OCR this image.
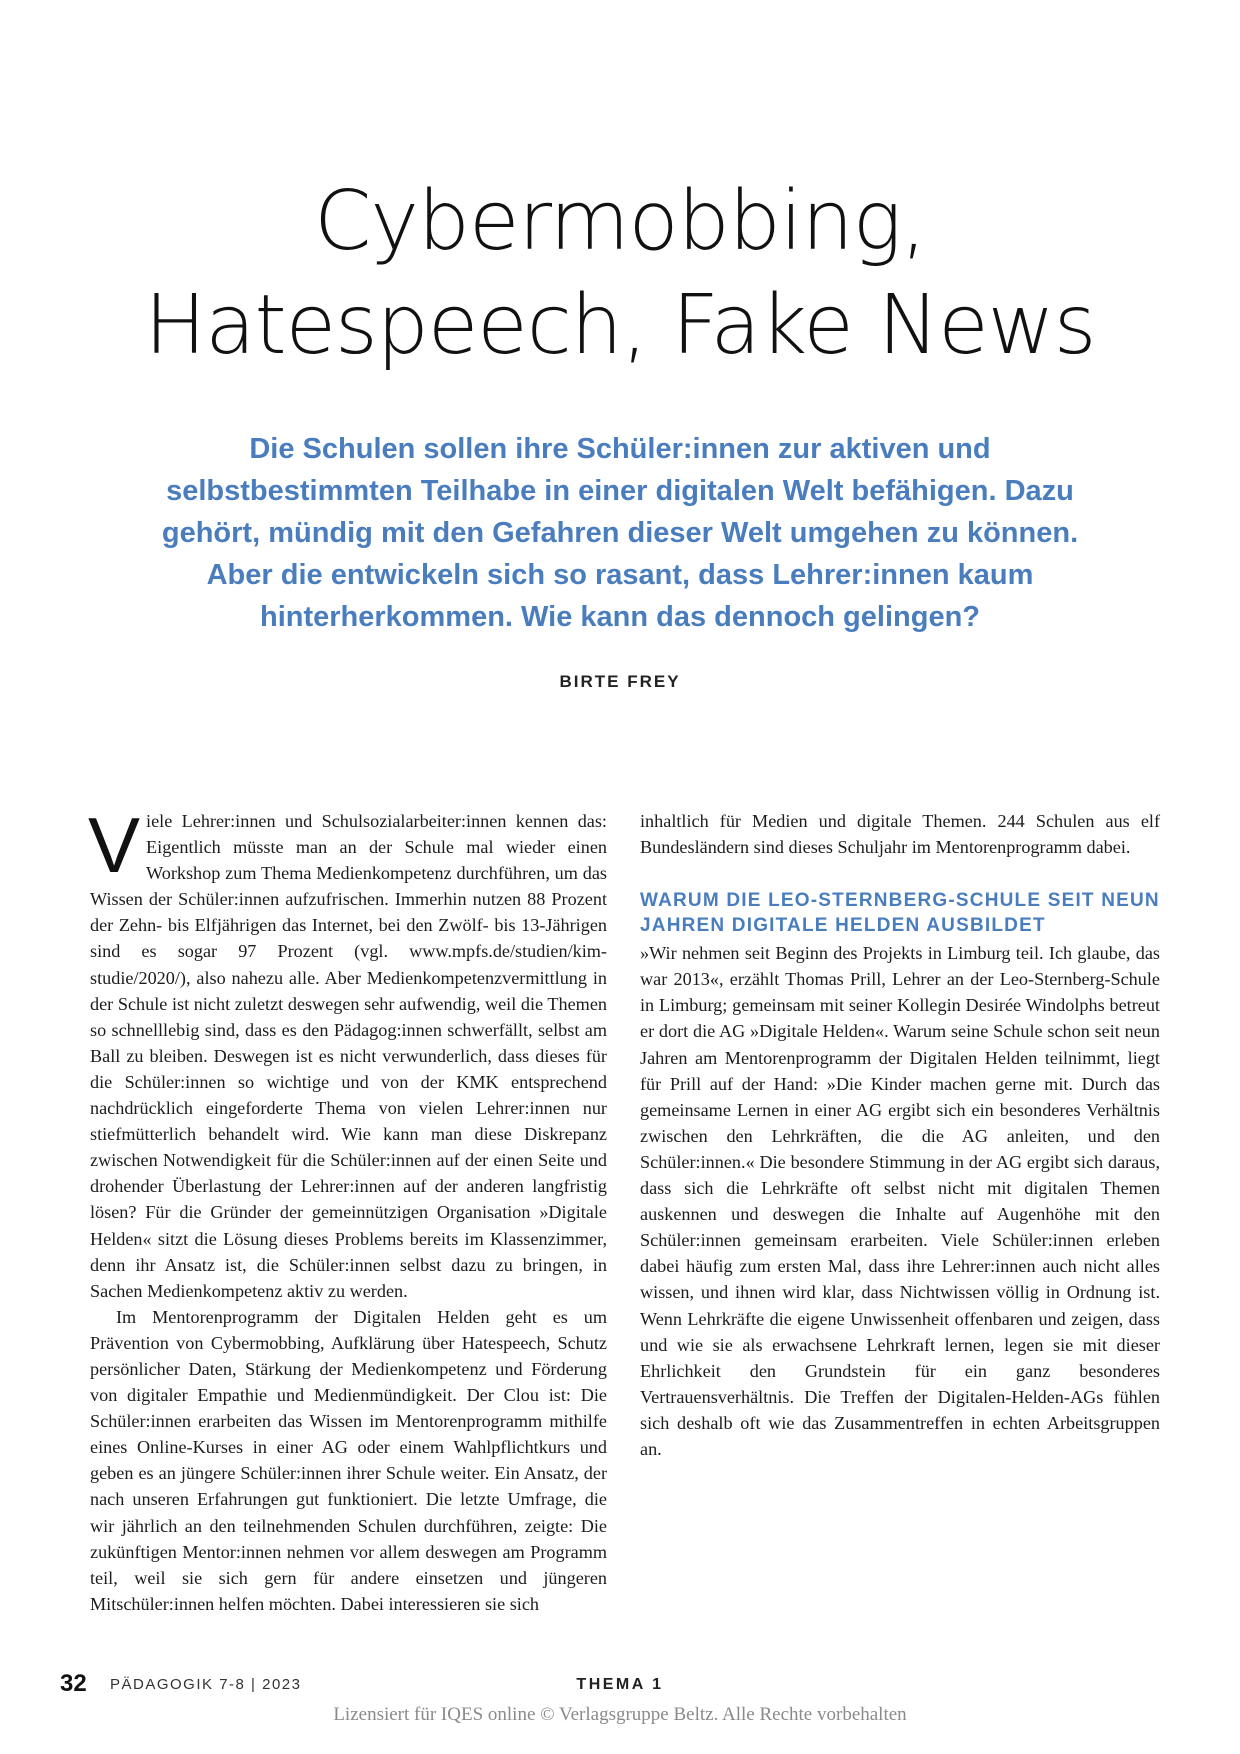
Cybermobbing,
Hatespeech, Fake News

Die Schulen sollen ihre Schüler:innen zur aktiven und selbstbestimmten Teilhabe in einer digitalen Welt befähigen. Dazu gehört, mündig mit den Gefahren dieser Welt umgehen zu können. Aber die entwickeln sich so rasant, dass Lehrer:innen kaum hinterherkommen. Wie kann das dennoch gelingen?

BIRTE FREY

Viele Lehrer:innen und Schulsozialarbeiter:innen kennen das: Eigentlich müsste man an der Schule mal wieder einen Workshop zum Thema Medienkompetenz durchführen, um das Wissen der Schüler:innen aufzufrischen. Immerhin nutzen 88 Prozent der Zehn- bis Elfjährigen das Internet, bei den Zwölf- bis 13-Jährigen sind es sogar 97 Prozent (vgl. www.mpfs.de/studien/kim-studie/2020/), also nahezu alle. Aber Medienkompetenzvermittlung in der Schule ist nicht zuletzt deswegen sehr aufwendig, weil die Themen so schnelllebig sind, dass es den Pädagog:innen schwerfällt, selbst am Ball zu bleiben. Deswegen ist es nicht verwunderlich, dass dieses für die Schüler:innen so wichtige und von der KMK entsprechend nachdrücklich eingeforderte Thema von vielen Lehrer:innen nur stiefmütterlich behandelt wird. Wie kann man diese Diskrepanz zwischen Notwendigkeit für die Schüler:innen auf der einen Seite und drohender Überlastung der Lehrer:innen auf der anderen langfristig lösen? Für die Gründer der gemeinnützigen Organisation »Digitale Helden« sitzt die Lösung dieses Problems bereits im Klassenzimmer, denn ihr Ansatz ist, die Schüler:innen selbst dazu zu bringen, in Sachen Medienkompetenz aktiv zu werden.

Im Mentorenprogramm der Digitalen Helden geht es um Prävention von Cybermobbing, Aufklärung über Hatespeech, Schutz persönlicher Daten, Stärkung der Medienkompetenz und Förderung von digitaler Empathie und Medienmündigkeit. Der Clou ist: Die Schüler:innen erarbeiten das Wissen im Mentorenprogramm mithilfe eines Online-Kurses in einer AG oder einem Wahlpflichtkurs und geben es an jüngere Schüler:innen ihrer Schule weiter. Ein Ansatz, der nach unseren Erfahrungen gut funktioniert. Die letzte Umfrage, die wir jährlich an den teilnehmenden Schulen durchführen, zeigte: Die zukünftigen Mentor:innen nehmen vor allem deswegen am Programm teil, weil sie sich gern für andere einsetzen und jüngeren Mitschüler:innen helfen möchten. Dabei interessieren sie sich

inhaltlich für Medien und digitale Themen. 244 Schulen aus elf Bundesländern sind dieses Schuljahr im Mentorenprogramm dabei.

WARUM DIE LEO-STERNBERG-SCHULE SEIT NEUN JAHREN DIGITALE HELDEN AUSBILDET

»Wir nehmen seit Beginn des Projekts in Limburg teil. Ich glaube, das war 2013«, erzählt Thomas Prill, Lehrer an der Leo-Sternberg-Schule in Limburg; gemeinsam mit seiner Kollegin Desirée Windolphs betreut er dort die AG »Digitale Helden«. Warum seine Schule schon seit neun Jahren am Mentorenprogramm der Digitalen Helden teilnimmt, liegt für Prill auf der Hand: »Die Kinder machen gerne mit. Durch das gemeinsame Lernen in einer AG ergibt sich ein besonderes Verhältnis zwischen den Lehrkräften, die die AG anleiten, und den Schüler:innen.« Die besondere Stimmung in der AG ergibt sich daraus, dass sich die Lehrkräfte oft selbst nicht mit digitalen Themen auskennen und deswegen die Inhalte auf Augenhöhe mit den Schüler:innen gemeinsam erarbeiten. Viele Schüler:innen erleben dabei häufig zum ersten Mal, dass ihre Lehrer:innen auch nicht alles wissen, und ihnen wird klar, dass Nichtwissen völlig in Ordnung ist. Wenn Lehrkräfte die eigene Unwissenheit offenbaren und zeigen, dass und wie sie als erwachsene Lehrkraft lernen, legen sie mit dieser Ehrlichkeit den Grundstein für ein ganz besonderes Vertrauensverhältnis. Die Treffen der Digitalen-Helden-AGs fühlen sich deshalb oft wie das Zusammentreffen in echten Arbeitsgruppen an.

32 PÄDAGOGIK 7-8 | 2023	THEMA 1
Lizensiert für IQES online © Verlagsgruppe Beltz. Alle Rechte vorbehalten
